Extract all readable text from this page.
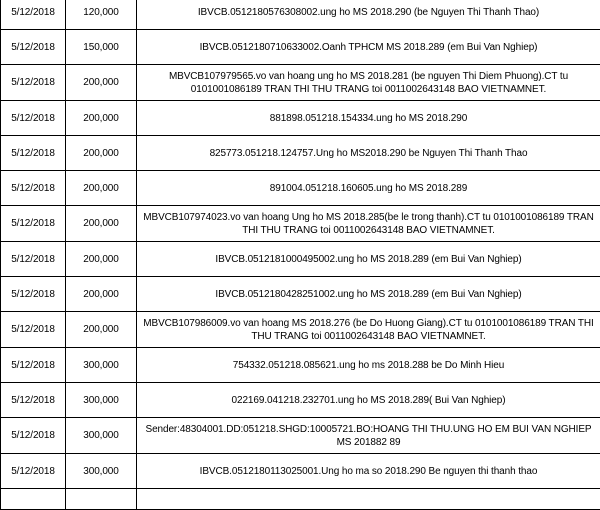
5/12/2018	120,000	IBVCB.0512180576308002.ung ho MS 2018.290 (be Nguyen Thi Thanh Thao)
5/12/2018	150,000	IBVCB.0512180710633002.Oanh TPHCM MS 2018.289 (em Bui Van Nghiep)
5/12/2018	200,000	MBVCB107979565.vo van hoang ung ho MS 2018.281 (be nguyen Thi Diem Phuong).CT tu 0101001086189 TRAN THI THU TRANG toi 0011002643148 BAO VIETNAMNET.
5/12/2018	200,000	881898.051218.154334.ung ho MS 2018.290
5/12/2018	200,000	825773.051218.124757.Ung ho MS2018.290 be Nguyen Thi Thanh Thao
5/12/2018	200,000	891004.051218.160605.ung ho MS 2018.289
5/12/2018	200,000	MBVCB107974023.vo van hoang Ung ho MS 2018.285(be le trong thanh).CT tu 0101001086189 TRAN THI THU TRANG toi 0011002643148 BAO VIETNAMNET.
5/12/2018	200,000	IBVCB.0512181000495002.ung ho MS 2018.289 (em Bui Van Nghiep)
5/12/2018	200,000	IBVCB.0512180428251002.ung ho MS 2018.289 (em Bui Van Nghiep)
5/12/2018	200,000	MBVCB107986009.vo van hoang MS 2018.276 (be Do Huong Giang).CT tu 0101001086189 TRAN THI THU TRANG toi 0011002643148 BAO VIETNAMNET.
5/12/2018	300,000	754332.051218.085621.ung ho ms 2018.288 be Do Minh Hieu
5/12/2018	300,000	022169.041218.232701.ung ho MS 2018.289( Bui Van Nghiep)
5/12/2018	300,000	Sender:48304001.DD:051218.SHGD:10005721.BO:HOANG THI THU.UNG HO EM BUI VAN NGHIEP MS 201882 89
5/12/2018	300,000	IBVCB.0512180113025001.Ung ho ma so 2018.290 Be nguyen thi thanh thao
